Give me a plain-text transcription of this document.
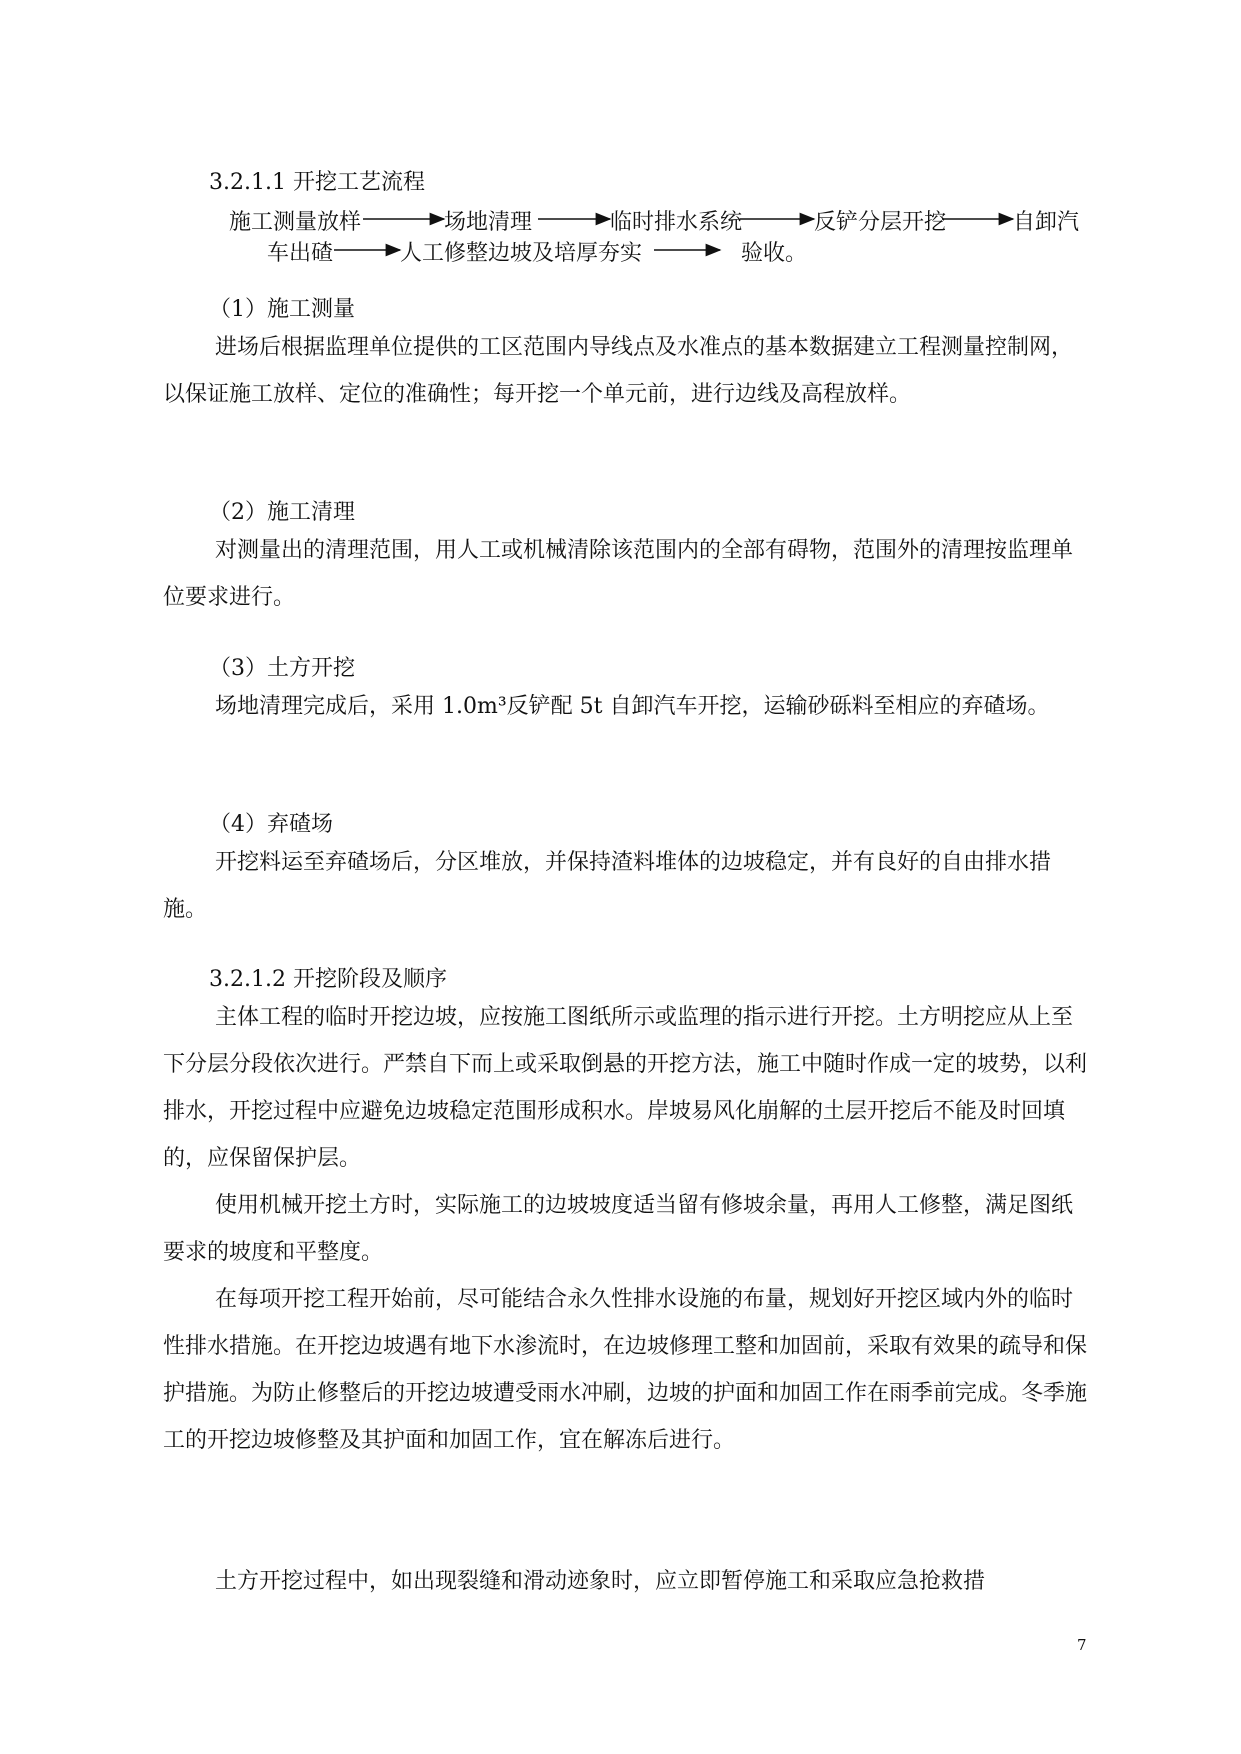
3.2.1.1 开挖工艺流程
施工测量放样	场地清理	临时排水系统	反铲分层开挖	自卸汽
车出碴	人工修整边坡及培厚夯实	验收。
（1）施工测量

进场后根据监理单位提供的工区范围内导线点及水准点的基本数据建立工程测量控制网，以保证施工放样、定位的准确性；每开挖一个单元前，进行边线及高程放样。

（2）施工清理

对测量出的清理范围，用人工或机械清除该范围内的全部有碍物，范围外的清理按监理单位要求进行。

（3）土方开挖

场地清理完成后，采用 1.0m³反铲配 5t 自卸汽车开挖，运输砂砾料至相应的弃碴场。

（4）弃碴场

开挖料运至弃碴场后，分区堆放，并保持渣料堆体的边坡稳定，并有良好的自由排水措施。

3.2.1.2 开挖阶段及顺序

主体工程的临时开挖边坡，应按施工图纸所示或监理的指示进行开挖。土方明挖应从上至下分层分段依次进行。严禁自下而上或采取倒悬的开挖方法，施工中随时作成一定的坡势，以利排水，开挖过程中应避免边坡稳定范围形成积水。岸坡易风化崩解的土层开挖后不能及时回填的，应保留保护层。

使用机械开挖土方时，实际施工的边坡坡度适当留有修坡余量，再用人工修整，满足图纸要求的坡度和平整度。

在每项开挖工程开始前，尽可能结合永久性排水设施的布量，规划好开挖区域内外的临时性排水措施。在开挖边坡遇有地下水渗流时，在边坡修理工整和加固前，采取有效果的疏导和保护措施。为防止修整后的开挖边坡遭受雨水冲刷，边坡的护面和加固工作在雨季前完成。冬季施工的开挖边坡修整及其护面和加固工作，宜在解冻后进行。

土方开挖过程中，如出现裂缝和滑动迹象时，应立即暂停施工和采取应急抢救措

7
